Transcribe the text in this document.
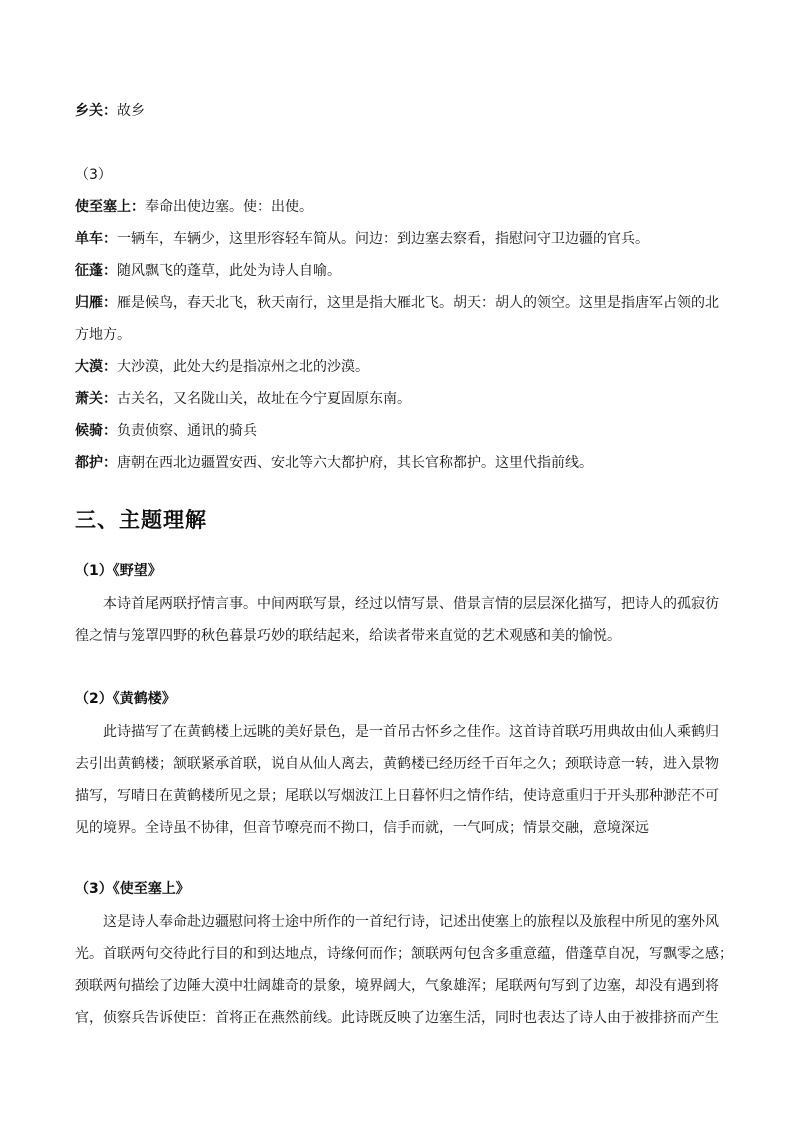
乡关：故乡
（3）
使至塞上：奉命出使边塞。使：出使。
单车：一辆车，车辆少，这里形容轻车简从。问边：到边塞去察看，指慰问守卫边疆的官兵。
征蓬：随风飘飞的蓬草，此处为诗人自喻。
归雁：雁是候鸟，春天北飞，秋天南行，这里是指大雁北飞。胡天：胡人的领空。这里是指唐军占领的北
方地方。
大漠：大沙漠，此处大约是指凉州之北的沙漠。
萧关：古关名，又名陇山关，故址在今宁夏固原东南。
候骑：负责侦察、通讯的骑兵
都护：唐朝在西北边疆置安西、安北等六大都护府，其长官称都护。这里代指前线。
三、主题理解
（1）《野望》
本诗首尾两联抒情言事。中间两联写景，经过以情写景、借景言情的层层深化描写，把诗人的孤寂彷
徨之情与笼罩四野的秋色暮景巧妙的联结起来，给读者带来直觉的艺术观感和美的愉悦。
（2）《黄鹤楼》
此诗描写了在黄鹤楼上远眺的美好景色，是一首吊古怀乡之佳作。这首诗首联巧用典故由仙人乘鹤归
去引出黄鹤楼；颔联紧承首联，说自从仙人离去，黄鹤楼已经历经千百年之久；颈联诗意一转，进入景物
描写，写晴日在黄鹤楼所见之景；尾联以写烟波江上日暮怀归之情作结，使诗意重归于开头那种渺茫不可
见的境界。全诗虽不协律，但音节嘹亮而不拗口，信手而就，一气呵成；情景交融，意境深远
（3）《使至塞上》
这是诗人奉命赴边疆慰问将士途中所作的一首纪行诗，记述出使塞上的旅程以及旅程中所见的塞外风
光。首联两句交待此行目的和到达地点，诗缘何而作；颔联两句包含多重意蕴，借蓬草自况，写飘零之感；
颈联两句描绘了边陲大漠中壮阔雄奇的景象，境界阔大，气象雄浑；尾联两句写到了边塞，却没有遇到将
官，侦察兵告诉使臣：首将正在燕然前线。此诗既反映了边塞生活，同时也表达了诗人由于被排挤而产生
